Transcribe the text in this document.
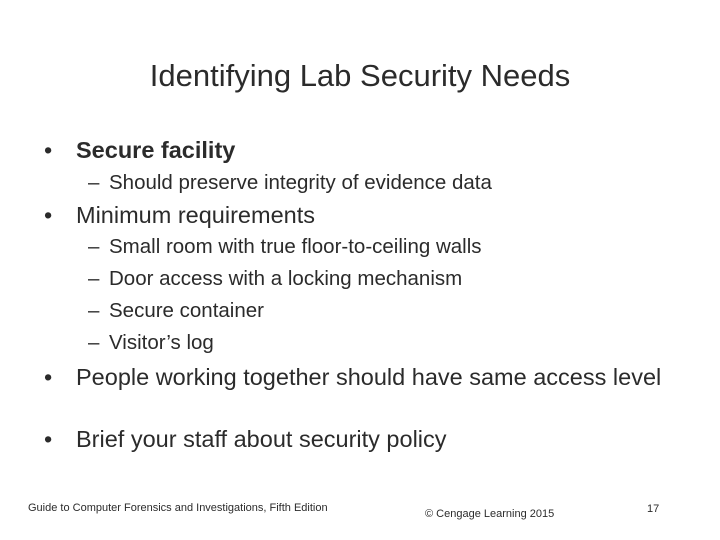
Identifying Lab Security Needs
•	Secure facility
– Should preserve integrity of evidence data
•	Minimum requirements
– Small room with true floor-to-ceiling walls
– Door access with a locking mechanism
– Secure container
– Visitor’s log
•	People working together should have same access level
•	Brief your staff about security policy
Guide to Computer Forensics and Investigations, Fifth Edition	© Cengage Learning 2015	17
